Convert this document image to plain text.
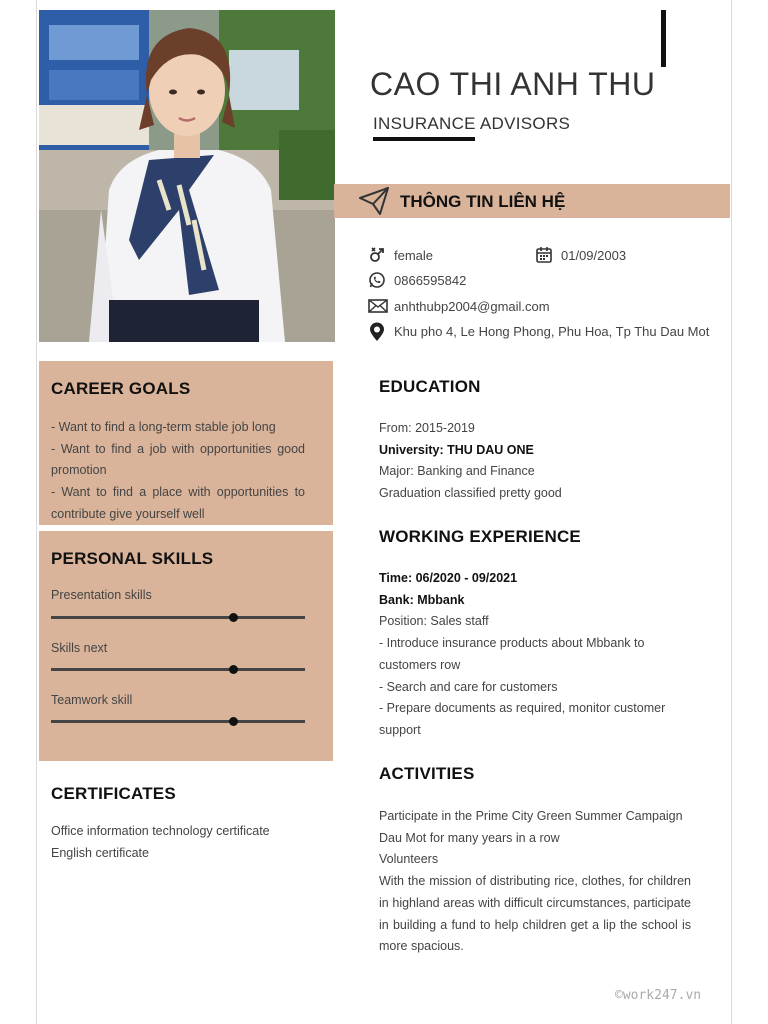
CAO THI ANH THU
INSURANCE ADVISORS
THÔNG TIN LIÊN HỆ
female	01/09/2003
0866595842
anhthubp2004@gmail.com
Khu pho 4, Le Hong Phong, Phu Hoa, Tp Thu Dau Mot
CAREER GOALS
- Want to find a long-term stable job long
- Want to find a job with opportunities good promotion
- Want to find a place with opportunities to contribute give yourself well
PERSONAL SKILLS
Presentation skills
Skills next
Teamwork skill
CERTIFICATES
Office information technology certificate
English certificate
EDUCATION
From: 2015-2019
University: THU DAU ONE
Major: Banking and Finance
Graduation classified pretty good
WORKING EXPERIENCE
Time: 06/2020 - 09/2021
Bank: Mbbank
Position: Sales staff
- Introduce insurance products about Mbbank to customers row
- Search and care for customers
- Prepare documents as required, monitor customer support
ACTIVITIES
Participate in the Prime City Green Summer Campaign
Dau Mot for many years in a row
Volunteers
With the mission of distributing rice, clothes, for children in highland areas with difficult circumstances, participate in building a fund to help children get a lip the school is more spacious.
©work247.vn
